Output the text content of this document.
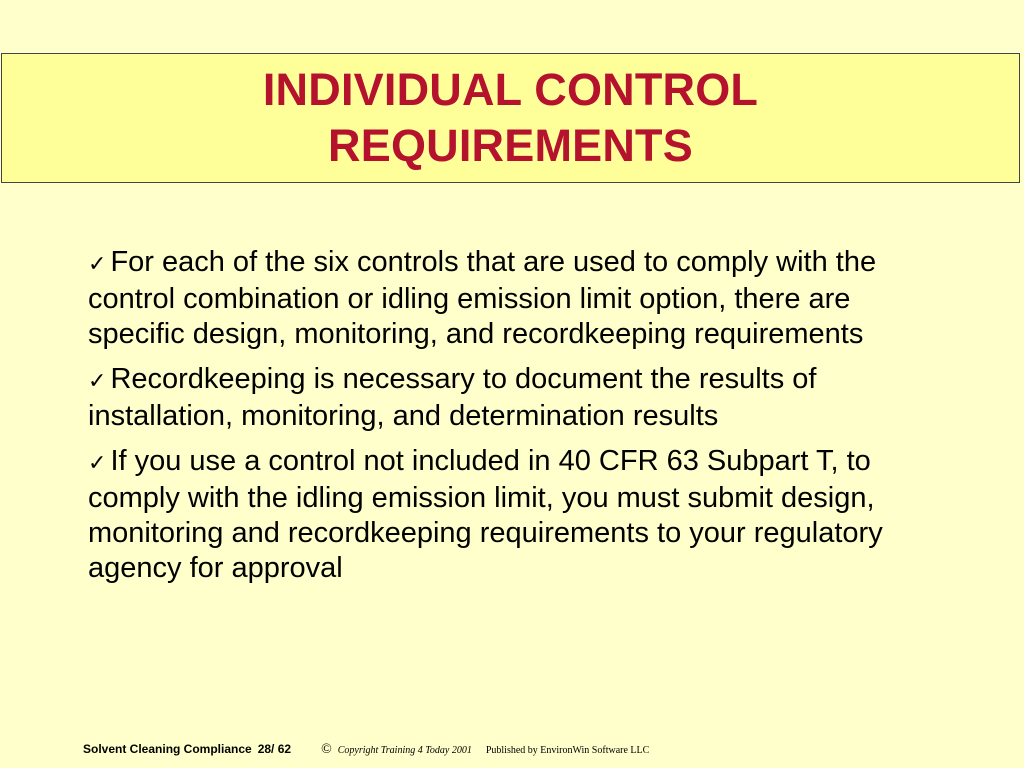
INDIVIDUAL CONTROL
REQUIREMENTS
✓ For each of the six controls that are used to comply with the control combination or idling emission limit option, there are specific design, monitoring, and recordkeeping requirements
✓ Recordkeeping is necessary to document the results of installation, monitoring, and determination results
✓ If you use a control not included in 40 CFR 63 Subpart T, to comply with the idling emission limit, you must submit design, monitoring and recordkeeping requirements to your regulatory agency for approval
Solvent Cleaning Compliance 28/ 62 © Copyright Training 4 Today 2001 Published by EnvironWin Software LLC
